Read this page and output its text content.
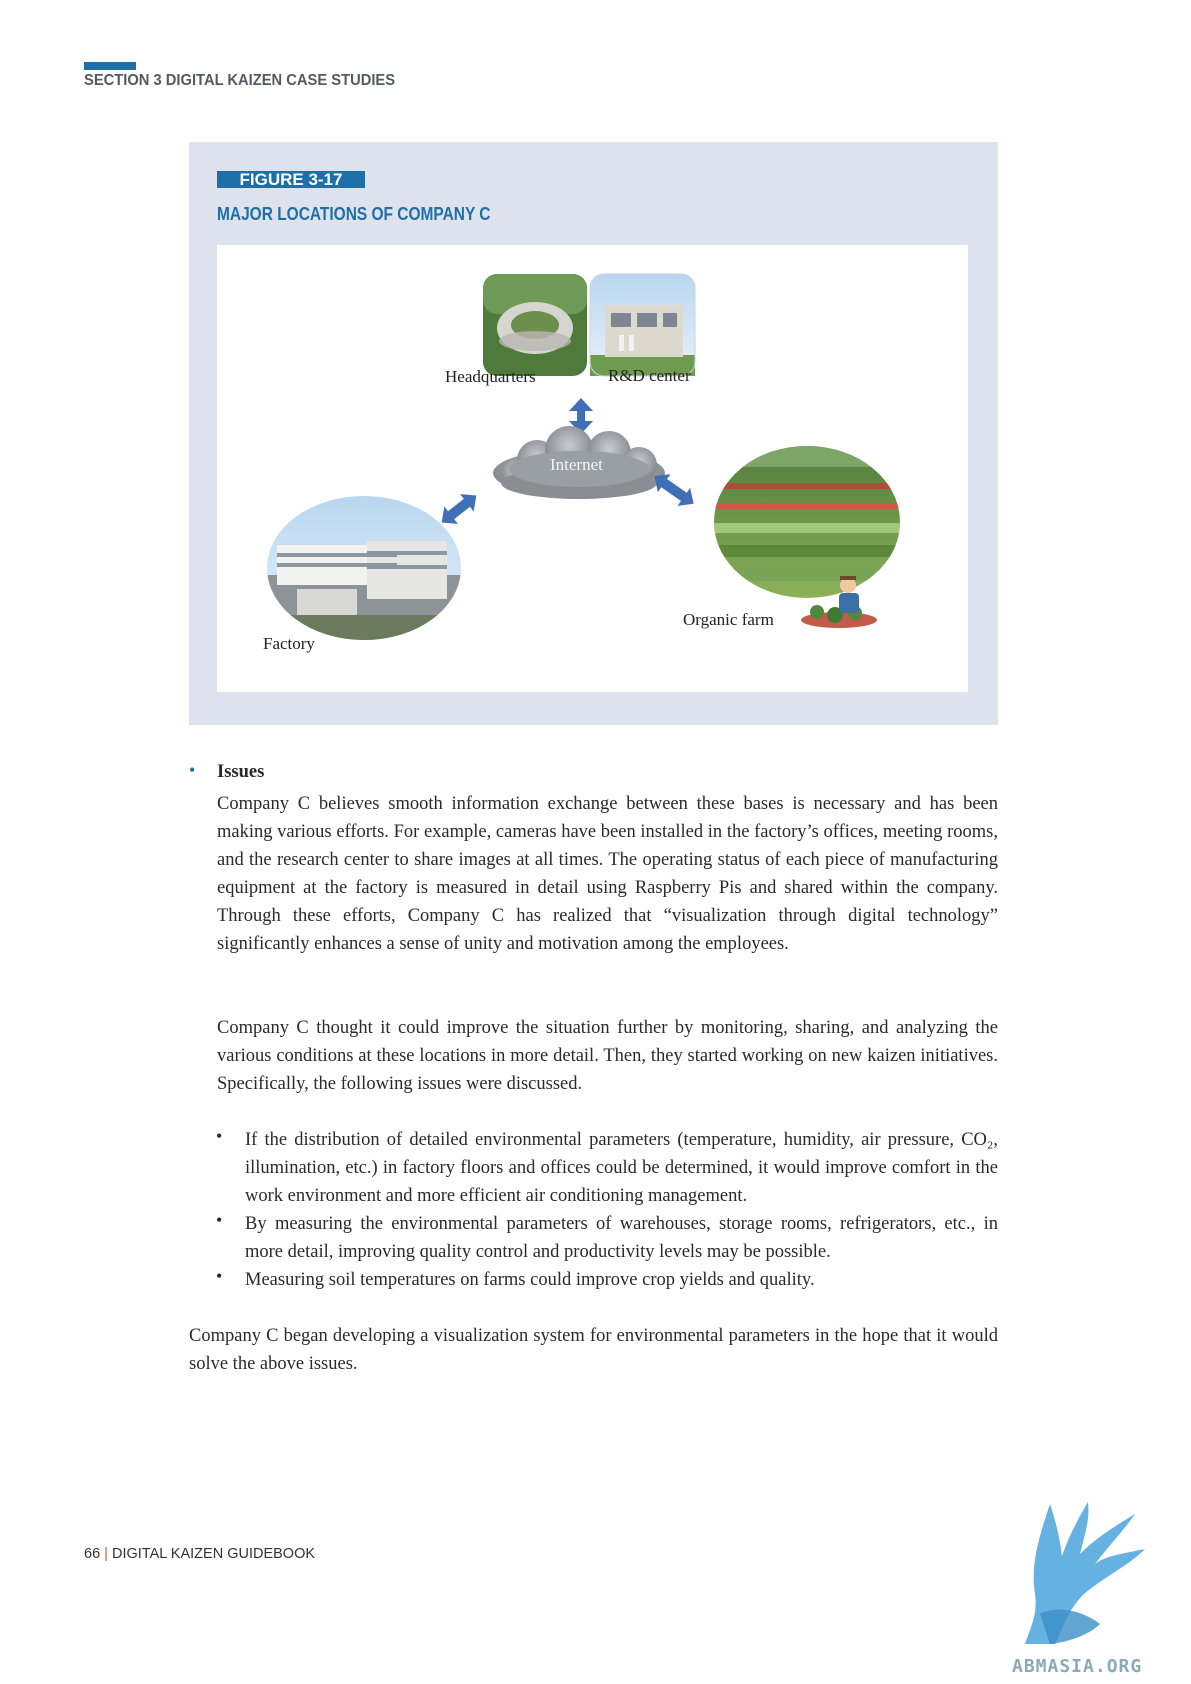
SECTION 3 DIGITAL KAIZEN CASE STUDIES
FIGURE 3-17
MAJOR LOCATIONS OF COMPANY C
Headquarters	R&D center
Internet
Factory
Organic farm
• Issues
Company C believes smooth information exchange between these bases is necessary and has been making various efforts. For example, cameras have been installed in the factory’s offices, meeting rooms, and the research center to share images at all times. The operating status of each piece of manufacturing equipment at the factory is measured in detail using Raspberry Pis and shared within the company. Through these efforts, Company C has realized that “visualization through digital technology” significantly enhances a sense of unity and motivation among the employees.
Company C thought it could improve the situation further by monitoring, sharing, and analyzing the various conditions at these locations in more detail. Then, they started working on new kaizen initiatives. Specifically, the following issues were discussed.
• If the distribution of detailed environmental parameters (temperature, humidity, air pressure, CO₂, illumination, etc.) in factory floors and offices could be determined, it would improve comfort in the work environment and more efficient air conditioning management.
• By measuring the environmental parameters of warehouses, storage rooms, refrigerators, etc., in more detail, improving quality control and productivity levels may be possible.
• Measuring soil temperatures on farms could improve crop yields and quality.
Company C began developing a visualization system for environmental parameters in the hope that it would solve the above issues.
66 | DIGITAL KAIZEN GUIDEBOOK
ABMASIA.ORG
